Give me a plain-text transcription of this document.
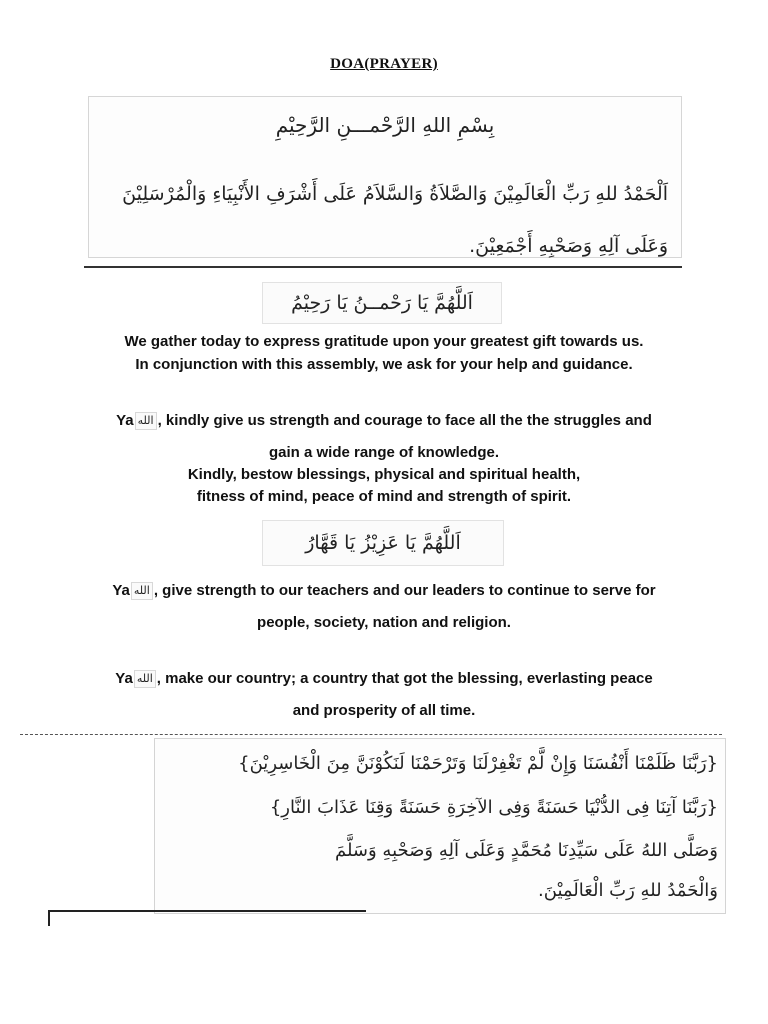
DOA(PRAYER)
بِسْمِ اللهِ الرَّحْمـــنِ الرَّحِيْمِ
اَلْحَمْدُ للهِ رَبِّ الْعَالَمِيْنَ وَالصَّلاَةُ وَالسَّلاَمُ عَلَى أَشْرَفِ الأَنْبِيَاءِ وَالْمُرْسَلِيْنَ وَعَلَى آلِهِ وَصَحْبِهِ أَجْمَعِيْنَ.
اَللَّهُمَّ يَا رَحْمــنُ يَا رَحِيْمُ
We gather today to express gratitude upon your greatest gift towards us.
In conjunction with this assembly, we ask for your help and guidance.
Ya الله , kindly give us strength and courage to face all the the struggles and
gain a wide range of knowledge.
Kindly, bestow blessings, physical and spiritual health,
fitness of mind, peace of mind and strength of spirit.
اَللَّهُمَّ يَا عَزِيْزُ يَا قَهَّارُ
Ya الله , give strength to our teachers and our leaders to continue to serve for
people, society, nation and religion.
Ya الله , make our country; a country that got the blessing, everlasting peace
and prosperity of all time.
{رَبَّنَا ظَلَمْنَا أَنْفُسَنَا وَإِنْ لَّمْ تَغْفِرْلَنَا وَتَرْحَمْنَا لَنَكُوْنَنَّ مِنَ الْخَاسِرِيْنَ}
{رَبَّنَا آتِنَا فِى الدُّنْيَا حَسَنَةً وَفِى الآخِرَةِ حَسَنَةً وَقِنَا عَذَابَ النَّارِ}
وَصَلَّى اللهُ عَلَى سَيِّدِنَا مُحَمَّدٍ وَعَلَى آلِهِ وَصَحْبِهِ وَسَلَّمَ
وَالْحَمْدُ للهِ رَبِّ الْعَالَمِيْنَ.
